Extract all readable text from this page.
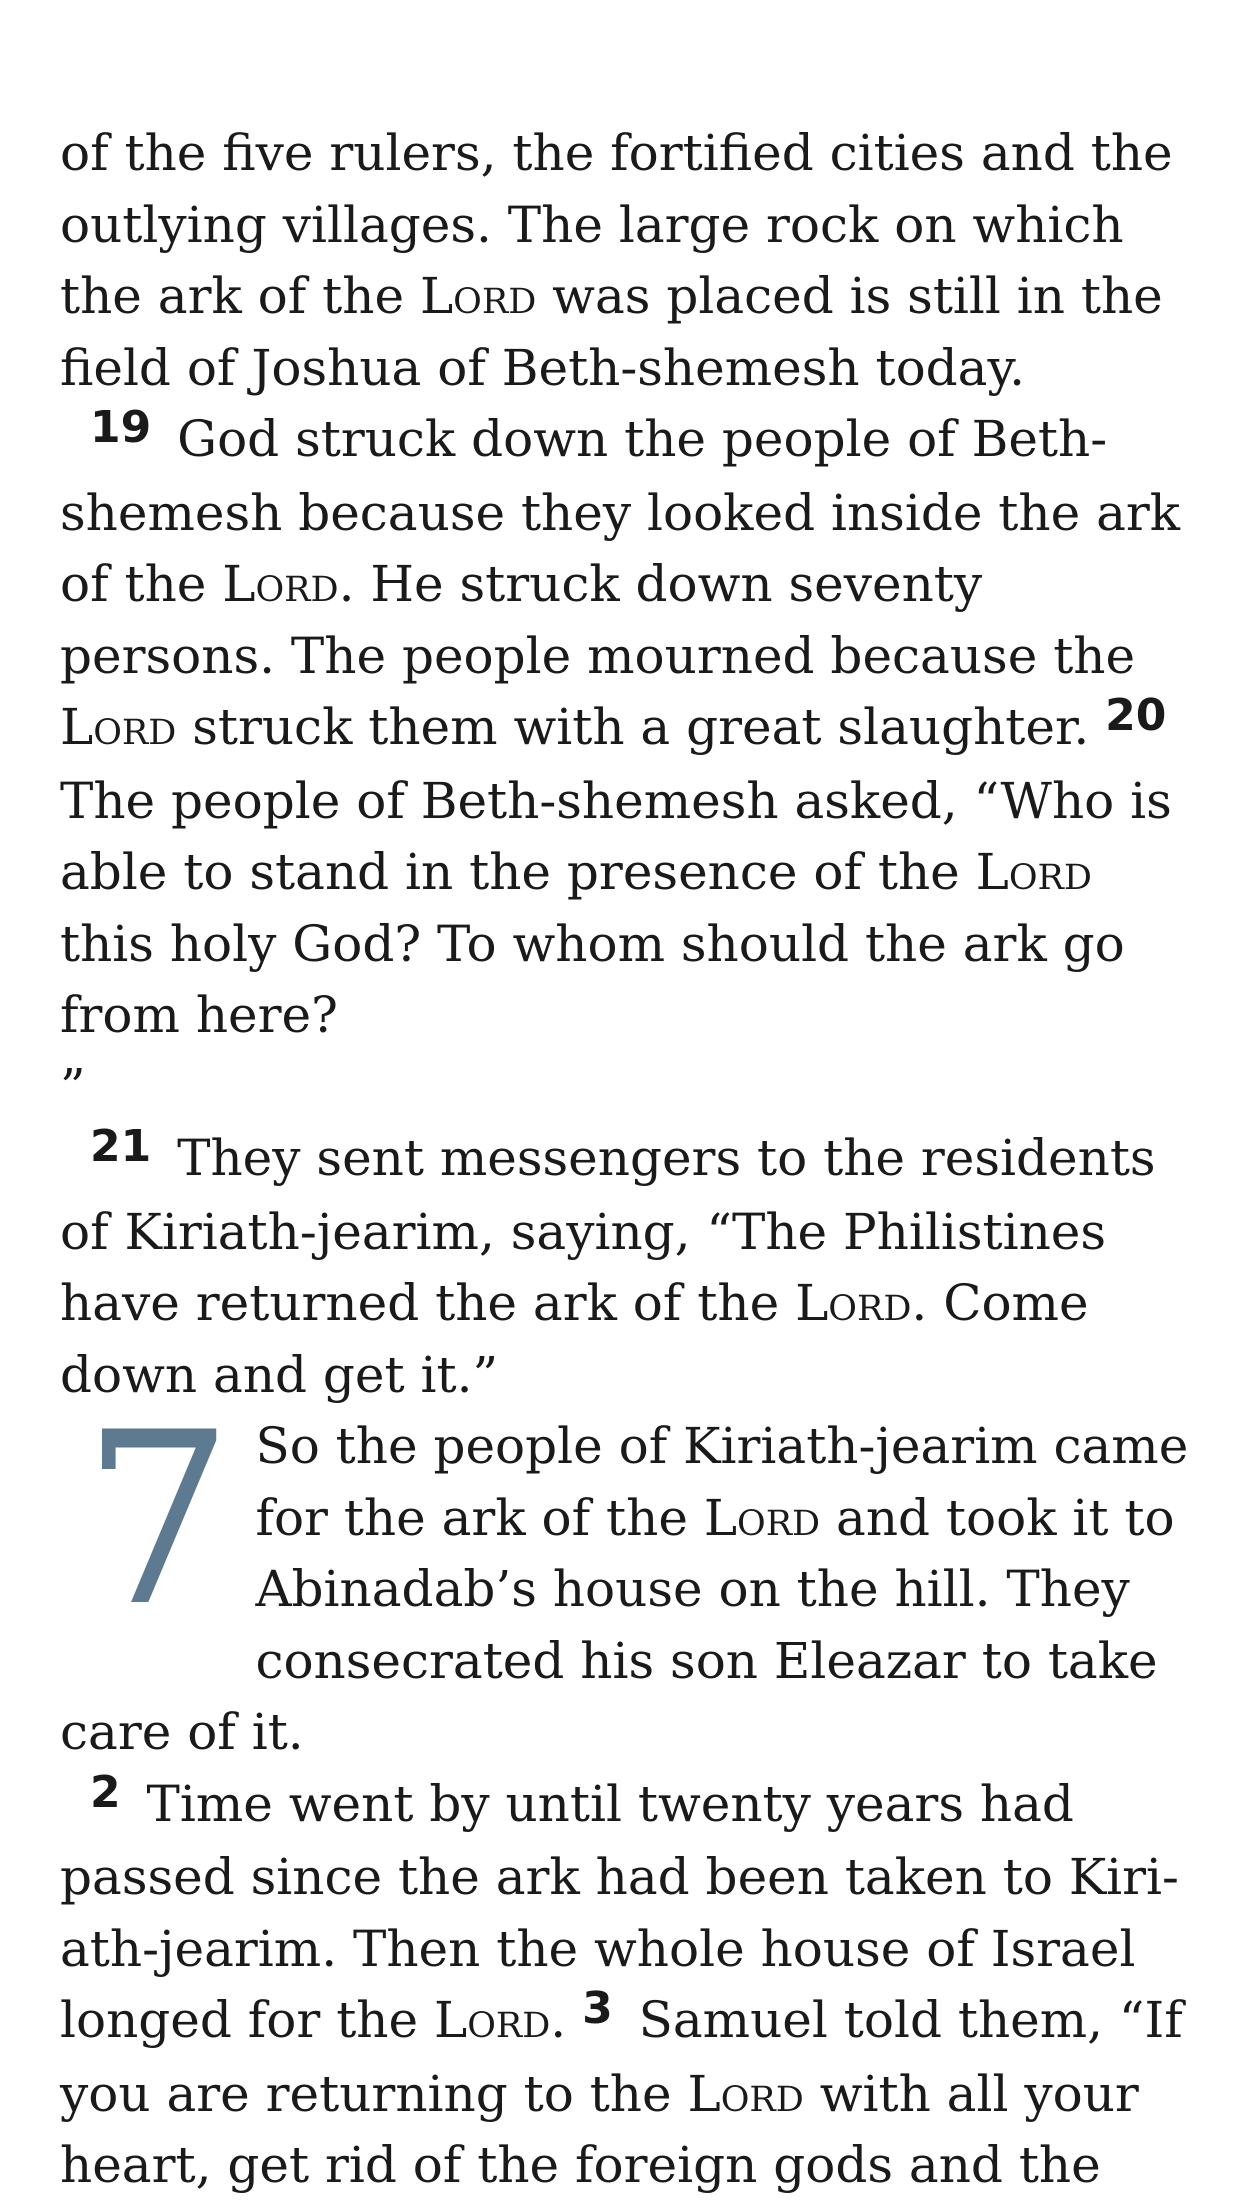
of the five rulers, the fortified cities and the outlying villages. The large rock on which the ark of the Lord was placed is still in the field of Joshua of Beth-shemesh today.

19 God struck down the people of Beth-shemesh because they looked inside the ark of the Lord. He struck down seventy persons. The people mourned because the Lord struck them with a great slaughter. 20 The people of Beth-shemesh asked, “Who is able to stand in the presence of the Lord this holy God? To whom should the ark go from here?
”

21 They sent messengers to the residents of Kiriath-jearim, saying, “The Philistines have returned the ark of the Lord. Come down and get it.”

7 So the people of Kiriath-jearim came for the ark of the Lord and took it to Abinadab’s house on the hill. They consecrated his son Eleazar to take care of it.

2 Time went by until twenty years had passed since the ark had been taken to Kiri-ath-jearim. Then the whole house of Israel longed for the Lord. 3 Samuel told them, “If you are returning to the Lord with all your heart, get rid of the foreign gods and the
